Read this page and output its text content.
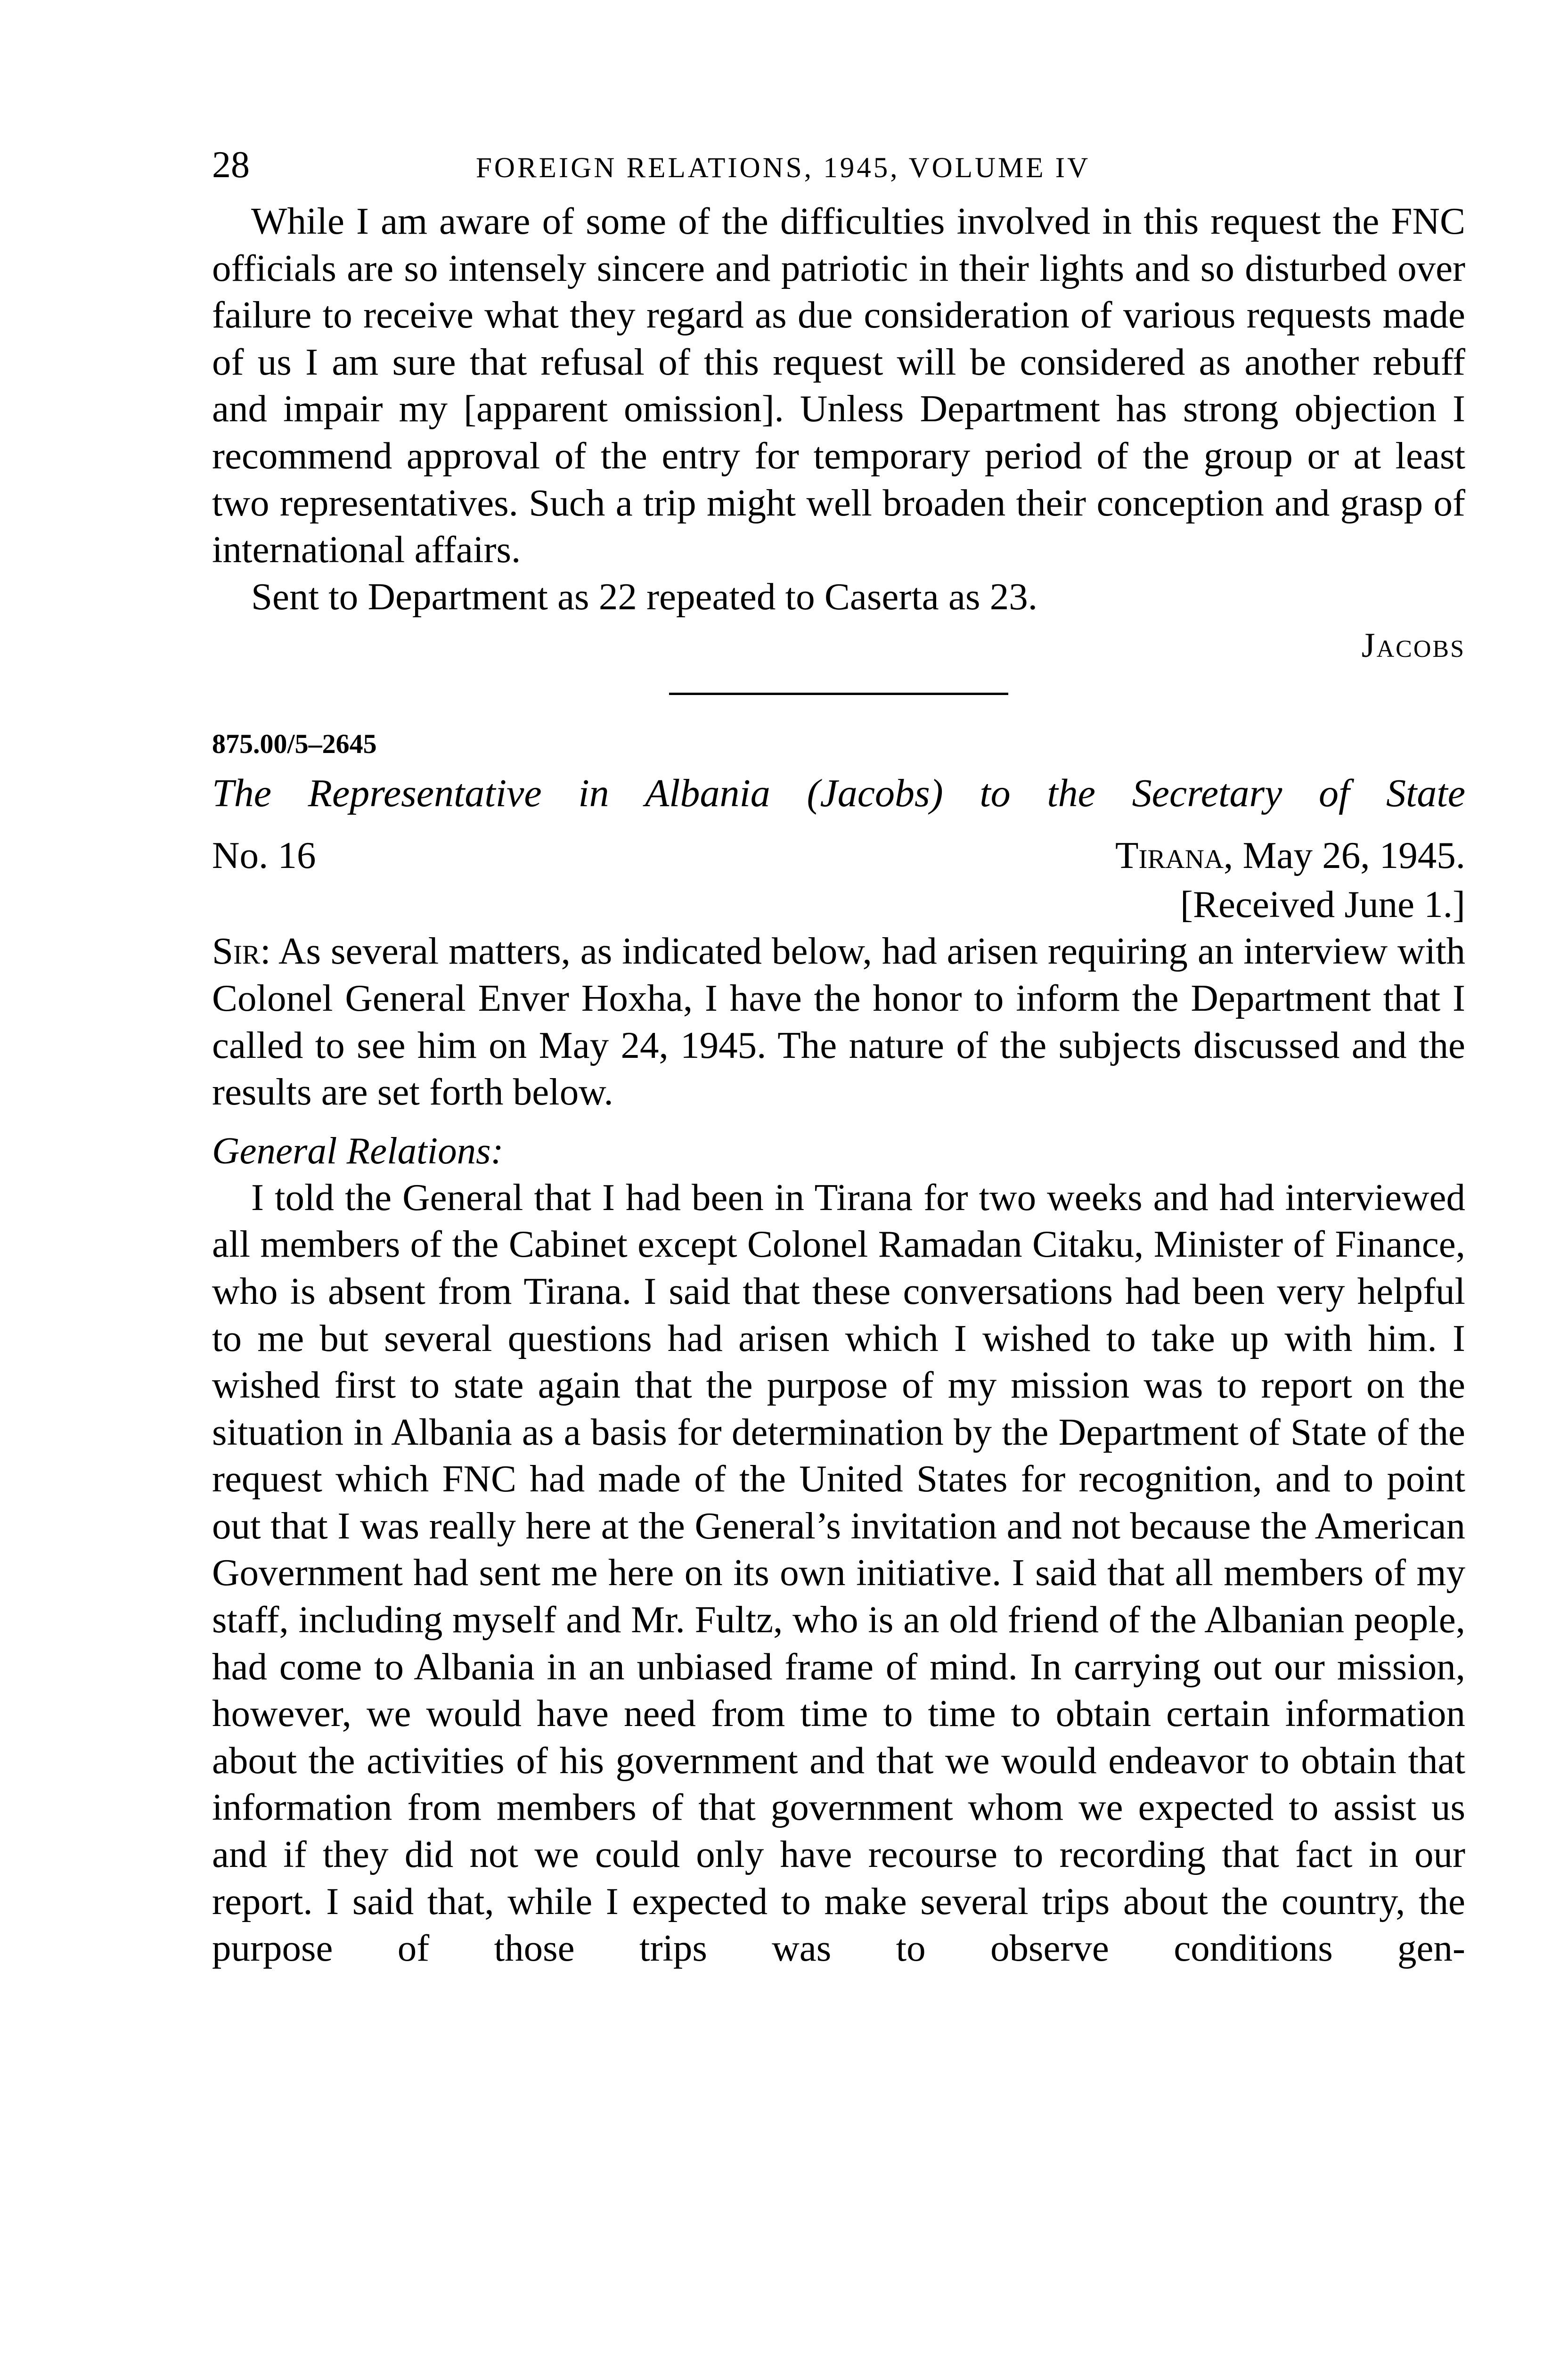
28	FOREIGN RELATIONS, 1945, VOLUME IV

While I am aware of some of the difficulties involved in this request the FNC officials are so intensely sincere and patriotic in their lights and so disturbed over failure to receive what they regard as due consideration of various requests made of us I am sure that refusal of this request will be considered as another rebuff and impair my [apparent omission]. Unless Department has strong objection I recommend approval of the entry for temporary period of the group or at least two representatives. Such a trip might well broaden their conception and grasp of international affairs.

Sent to Department as 22 repeated to Caserta as 23.

Jacobs
875.00/5–2645
The Representative in Albania (Jacobs) to the Secretary of State
No. 16	Tirana, May 26, 1945.
[Received June 1.]

Sir: As several matters, as indicated below, had arisen requiring an interview with Colonel General Enver Hoxha, I have the honor to inform the Department that I called to see him on May 24, 1945. The nature of the subjects discussed and the results are set forth below.

General Relations:

I told the General that I had been in Tirana for two weeks and had interviewed all members of the Cabinet except Colonel Ramadan Citaku, Minister of Finance, who is absent from Tirana. I said that these conversations had been very helpful to me but several questions had arisen which I wished to take up with him. I wished first to state again that the purpose of my mission was to report on the situation in Albania as a basis for determination by the Department of State of the request which FNC had made of the United States for recognition, and to point out that I was really here at the General’s invitation and not because the American Government had sent me here on its own initiative. I said that all members of my staff, including myself and Mr. Fultz, who is an old friend of the Albanian people, had come to Albania in an unbiased frame of mind. In carrying out our mission, however, we would have need from time to time to obtain certain information about the activities of his government and that we would endeavor to obtain that information from members of that government whom we expected to assist us and if they did not we could only have recourse to recording that fact in our report. I said that, while I expected to make several trips about the country, the purpose of those trips was to observe conditions gen-
